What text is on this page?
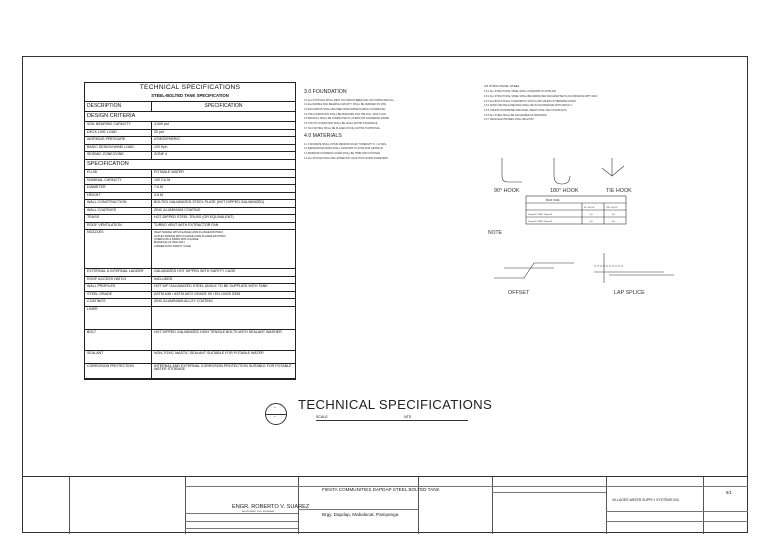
TECHNICAL SPECIFICATIONS
STEEL-BOLTED TANK SPECIFICATION
DESCRIPTION	SPECIFICATION
DESIGN CRITERIA
SOIL BEARING CAPACITY	4,000 psf
DECK LIVE LOAD	30 psf
WORKING PRESSURE	ATMOSPHERIC
BASIC DESIGN WIND LOAD	120 Kph
SEISMIC ZONE/ZONE	ZONE 4
SPECIFICATION
FLUID	POTABLE WATER
NOMINAL CAPACITY	100 CU.M
DIAMETER	7.6 M
HEIGHT	3.6 M
WALL CONSTRUCTION	BOLTED GALVANIZED STEEL PLATE (HOT DIPPED GALVANIZED)
WALL COATINGS	ZINC ALUMINIUM COATING
TRUSS	HOT-DIPPED STEEL TRUSS (OR EQUIVALENT)
ROOF VENTILATION	TURBO VENT WITH EXTRACTOR FAN
NOZZLES	INLET NOZZLE WITH FLANGE (ANSI FLANGE DIN PN16)
OUTLET NOZZLE WITH FLANGE (ANSI FLANGE DIN PN16)
OVERFLOW & DRAIN WITH FLANGE
MANHOLE (24 INCH DIA.)
LADDER WITH SAFETY CAGE
EXTERNAL & INTERNAL LADDER	GALVANIZED HOT DIPPED WITH SAFETY CAGE
ROOF ACCESS HATCH	INCLUDED
WALL PROFILES	HOT DIP GALVANIZED STEEL ANGLE TO BE SUPPLIED WITH TANK
STEEL GRADE	ASTM A36 / ASTM A572 GRADE 50 / EN 10025 S355
COATINGS	ZINC ALUMINIUM ALLOY COATING
LINER
BOLT	HOT DIPPED GALVANIZED HIGH TENSILE BOLTS WITH SEALANT WASHER
SEALANT	NON-TOXIC MASTIC SEALANT SUITABLE FOR POTABLE WATER
CORROSION PROTECTION	INTERNAL AND EXTERNAL CORROSION PROTECTION SUITABLE FOR POTABLE WATER STORAGE
3.0 FOUNDATION

3.1 ALL FOOTINGS SHALL REST ON UNDISTURBED SOIL OR COMPACTED FILL

3.2 ALLOWABLE SOIL BEARING CAPACITY SHALL BE VERIFIED ON SITE

3.3 EXCAVATION SHALL BE FREE FROM WATER DURING CONCRETING

3.4 THE FOUNDATION SHALL BE DESIGNED FOR THE FULL TANK LOAD

3.5 BACKFILL SHALL BE COMPACTED IN LAYERS NOT EXCEEDING 200MM

3.6 TOP OF FOUNDATION SHALL BE LEVEL WITHIN TOLERANCE

3.7 NO FOOTING SHALL BE PLACED ON FILL WITHOUT APPROVAL

4.0 MATERIALS

4.1 CONCRETE SHALL ATTAIN MINIMUM 28-DAY STRENGTH f'c = 21 MPa

4.2 REINFORCING BARS SHALL CONFORM TO ASTM A615 GRADE 40

4.3 MINIMUM CONCRETE COVER SHALL BE 75MM FOR FOOTINGS

4.4 ALL SPLICES SHALL BE LAPPED NOT LESS THAN 40 BAR DIAMETERS

4.5 STRUCTURAL STEEL

4.5.1 ALL STRUCTURAL STEEL SHALL CONFORM TO ASTM A36

4.5.2 ALL STRUCTURAL STEEL SHALL BE FABRICATED AND ERECTED IN ACCORDANCE WITH AISC

4.5.3 ALL BOLTS SHALL CONFORM TO ASTM A-325 UNLESS OTHERWISE NOTED

4.5.4 SHOP AND FIELD WELDING SHALL BE IN ACCORDANCE WITH AWS D1.1

4.5.5 UNLESS OTHERWISE INDICATED, WELDS SHALL BE CONTINUOUS

4.5.6 ALL STEEL SHALL BE GALVANIZED AS SPECIFIED

4.5.7 WELD ELECTRODES SHALL BE E70XX

90° HOOK	180° HOOK	TIE HOOK
BAR SIZE
90° HOOK	180° HOOK
10mm Ø THRU 16mm Ø	6d	4d
20mm Ø THRU 25mm Ø	8d	5d
NOTE
OFFSET	LAP SPLICE
-
-
TECHNICAL SPECIFICATIONS
SCALE	NTS
ENGR. ROBERTO V. SUAREZ
REGISTERED CIVIL ENGINEER
FIESTA COMMUNITIES DAPDAP STEEL BOLTED TANK
Brgy. Dapdap, Mabalacat, Pampanga
VILLAGES WATER SUPPLY SYSTEMS INC.
6/1
